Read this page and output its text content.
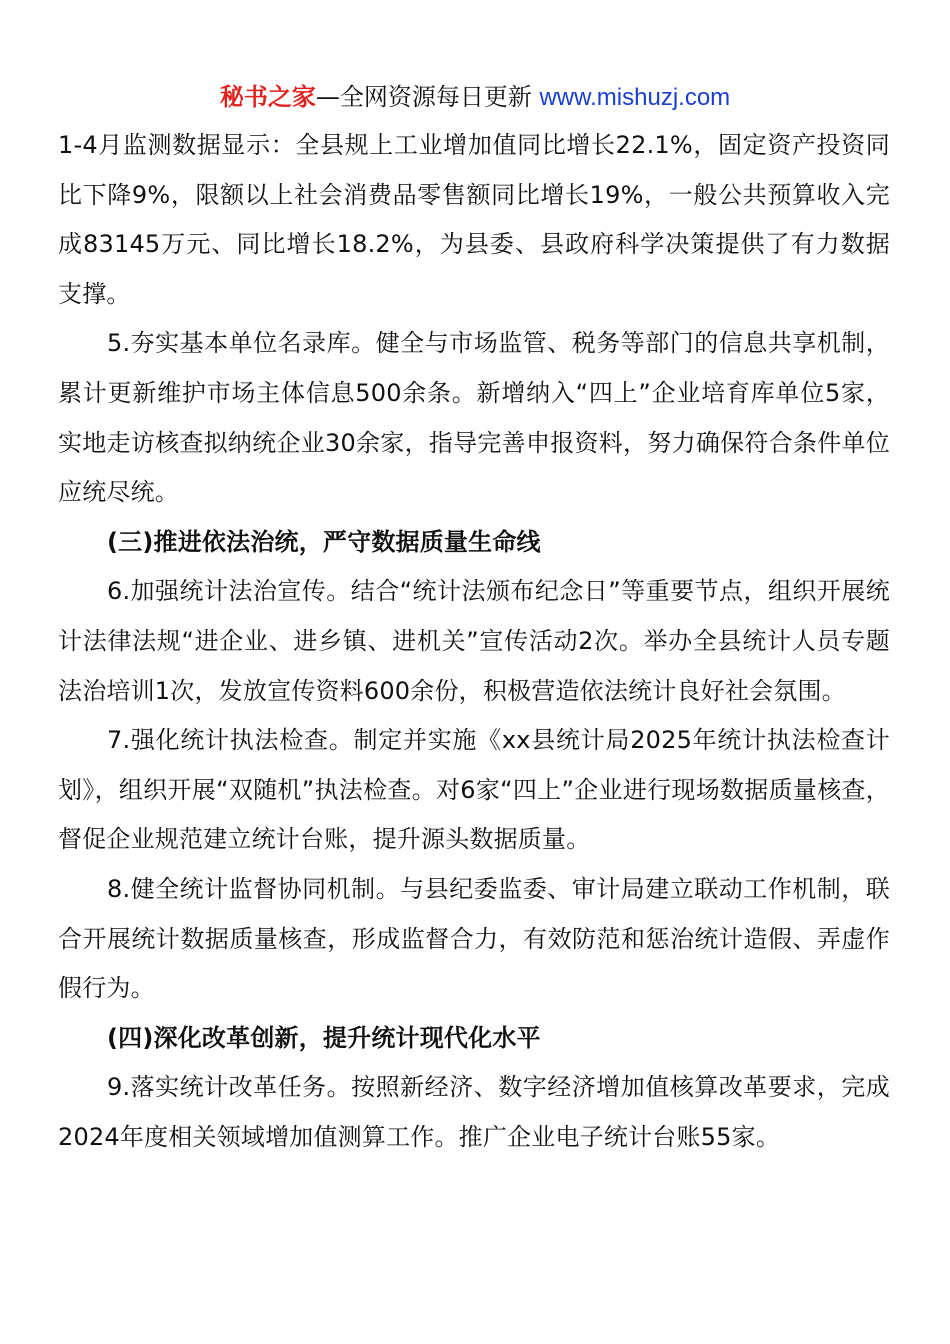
秘书之家—全网资源每日更新 www.mishuzj.com

1-4月监测数据显示：全县规上工业增加值同比增长22.1%，固定资产投资同比下降9%，限额以上社会消费品零售额同比增长19%，一般公共预算收入完成83145万元、同比增长18.2%，为县委、县政府科学决策提供了有力数据支撑。

5.夯实基本单位名录库。健全与市场监管、税务等部门的信息共享机制，累计更新维护市场主体信息500余条。新增纳入“四上”企业培育库单位5家，实地走访核查拟纳统企业30余家，指导完善申报资料，努力确保符合条件单位应统尽统。

(三)推进依法治统，严守数据质量生命线

6.加强统计法治宣传。结合“统计法颁布纪念日”等重要节点，组织开展统计法律法规“进企业、进乡镇、进机关”宣传活动2次。举办全县统计人员专题法治培训1次，发放宣传资料600余份，积极营造依法统计良好社会氛围。

7.强化统计执法检查。制定并实施《xx县统计局2025年统计执法检查计划》，组织开展“双随机”执法检查。对6家“四上”企业进行现场数据质量核查，督促企业规范建立统计台账，提升源头数据质量。

8.健全统计监督协同机制。与县纪委监委、审计局建立联动工作机制，联合开展统计数据质量核查，形成监督合力，有效防范和惩治统计造假、弄虚作假行为。

(四)深化改革创新，提升统计现代化水平

9.落实统计改革任务。按照新经济、数字经济增加值核算改革要求，完成2024年度相关领域增加值测算工作。推广企业电子统计台账55家。
